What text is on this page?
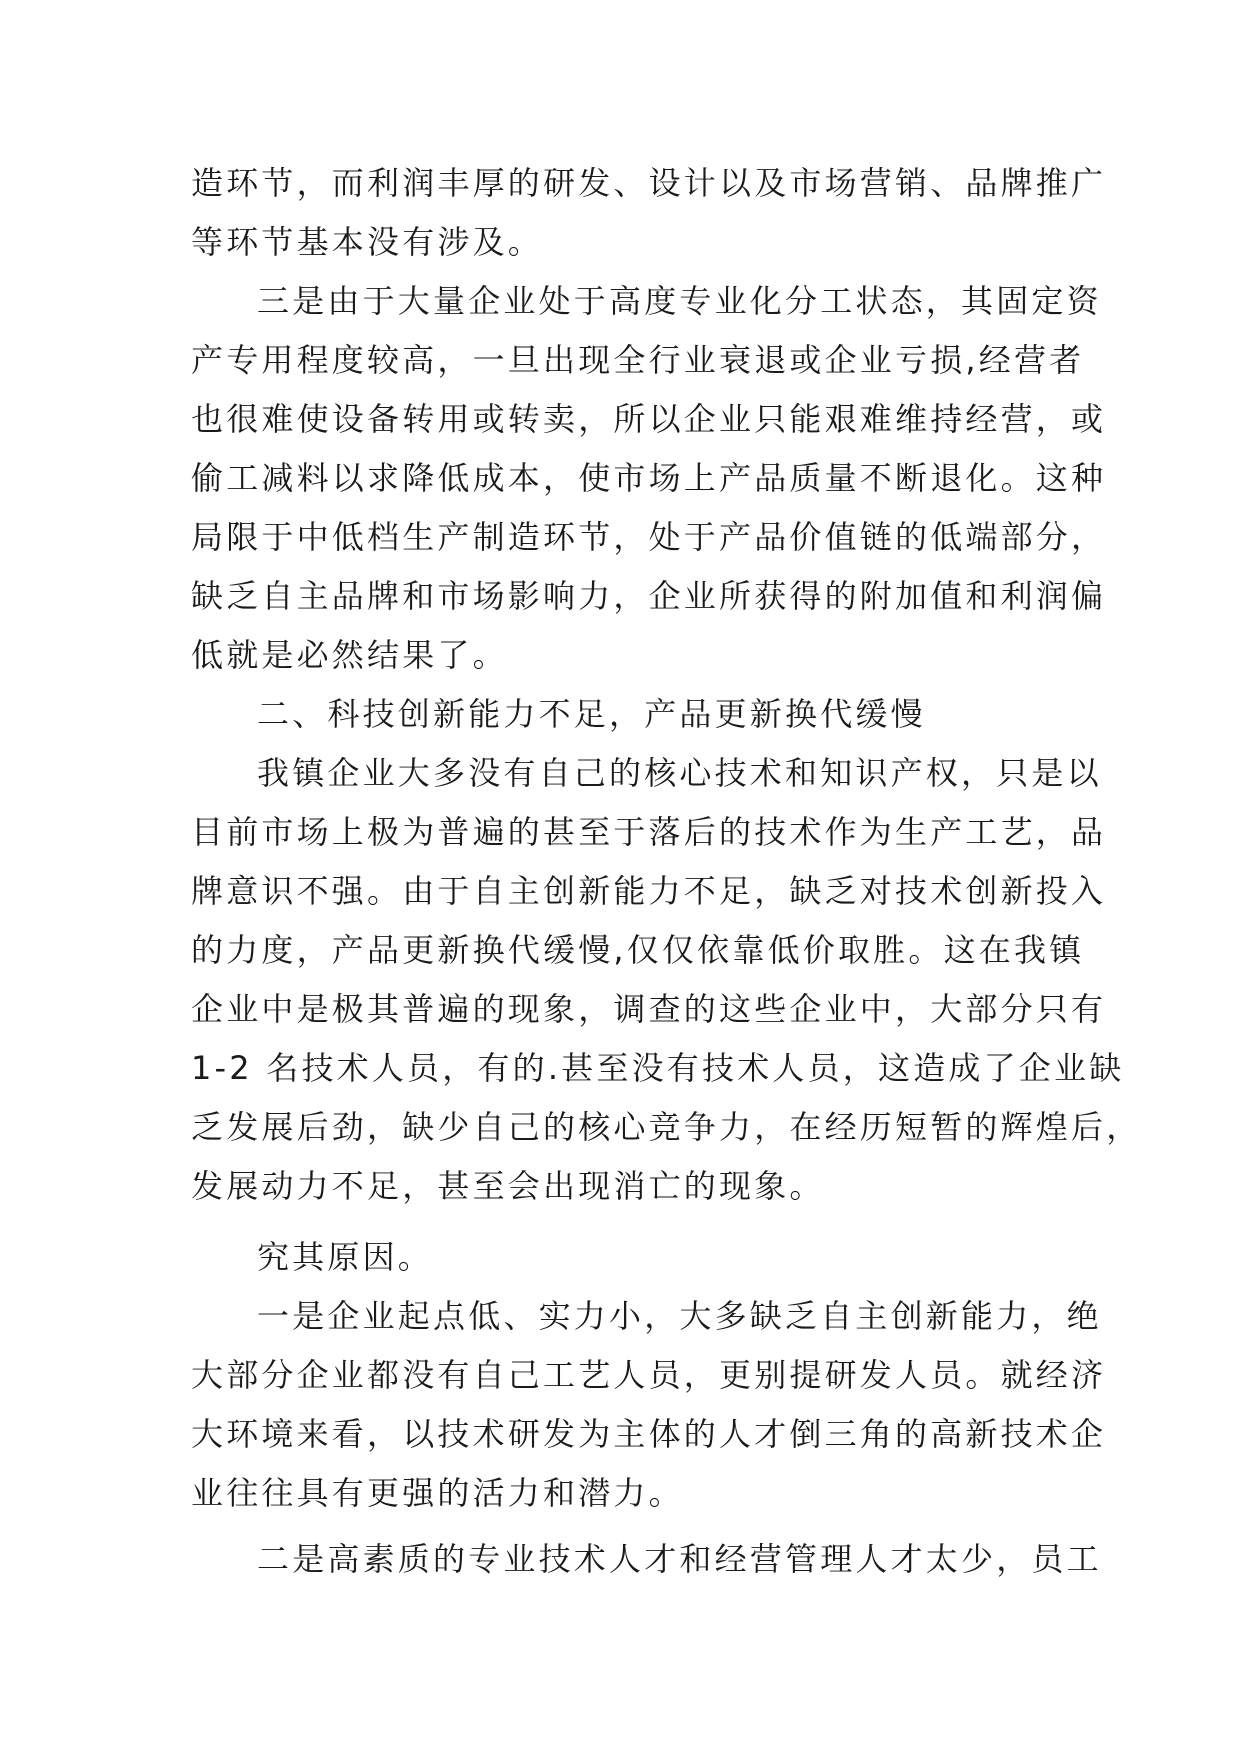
造环节，而利润丰厚的研发、设计以及市场营销、品牌推广

等环节基本没有涉及。

三是由于大量企业处于高度专业化分工状态，其固定资

产专用程度较高，一旦出现全行业衰退或企业亏损,经营者

也很难使设备转用或转卖，所以企业只能艰难维持经营，或

偷工减料以求降低成本，使市场上产品质量不断退化。这种

局限于中低档生产制造环节，处于产品价值链的低端部分，

缺乏自主品牌和市场影响力，企业所获得的附加值和利润偏

低就是必然结果了。

二、科技创新能力不足，产品更新换代缓慢

我镇企业大多没有自己的核心技术和知识产权，只是以

目前市场上极为普遍的甚至于落后的技术作为生产工艺，品

牌意识不强。由于自主创新能力不足，缺乏对技术创新投入

的力度，产品更新换代缓慢,仅仅依靠低价取胜。这在我镇

企业中是极其普遍的现象，调查的这些企业中，大部分只有

1-2 名技术人员，有的.甚至没有技术人员，这造成了企业缺

乏发展后劲，缺少自己的核心竞争力，在经历短暂的辉煌后，

发展动力不足，甚至会出现消亡的现象。

究其原因。

一是企业起点低、实力小，大多缺乏自主创新能力，绝

大部分企业都没有自己工艺人员，更别提研发人员。就经济

大环境来看，以技术研发为主体的人才倒三角的高新技术企

业往往具有更强的活力和潜力。

二是高素质的专业技术人才和经营管理人才太少，员工
